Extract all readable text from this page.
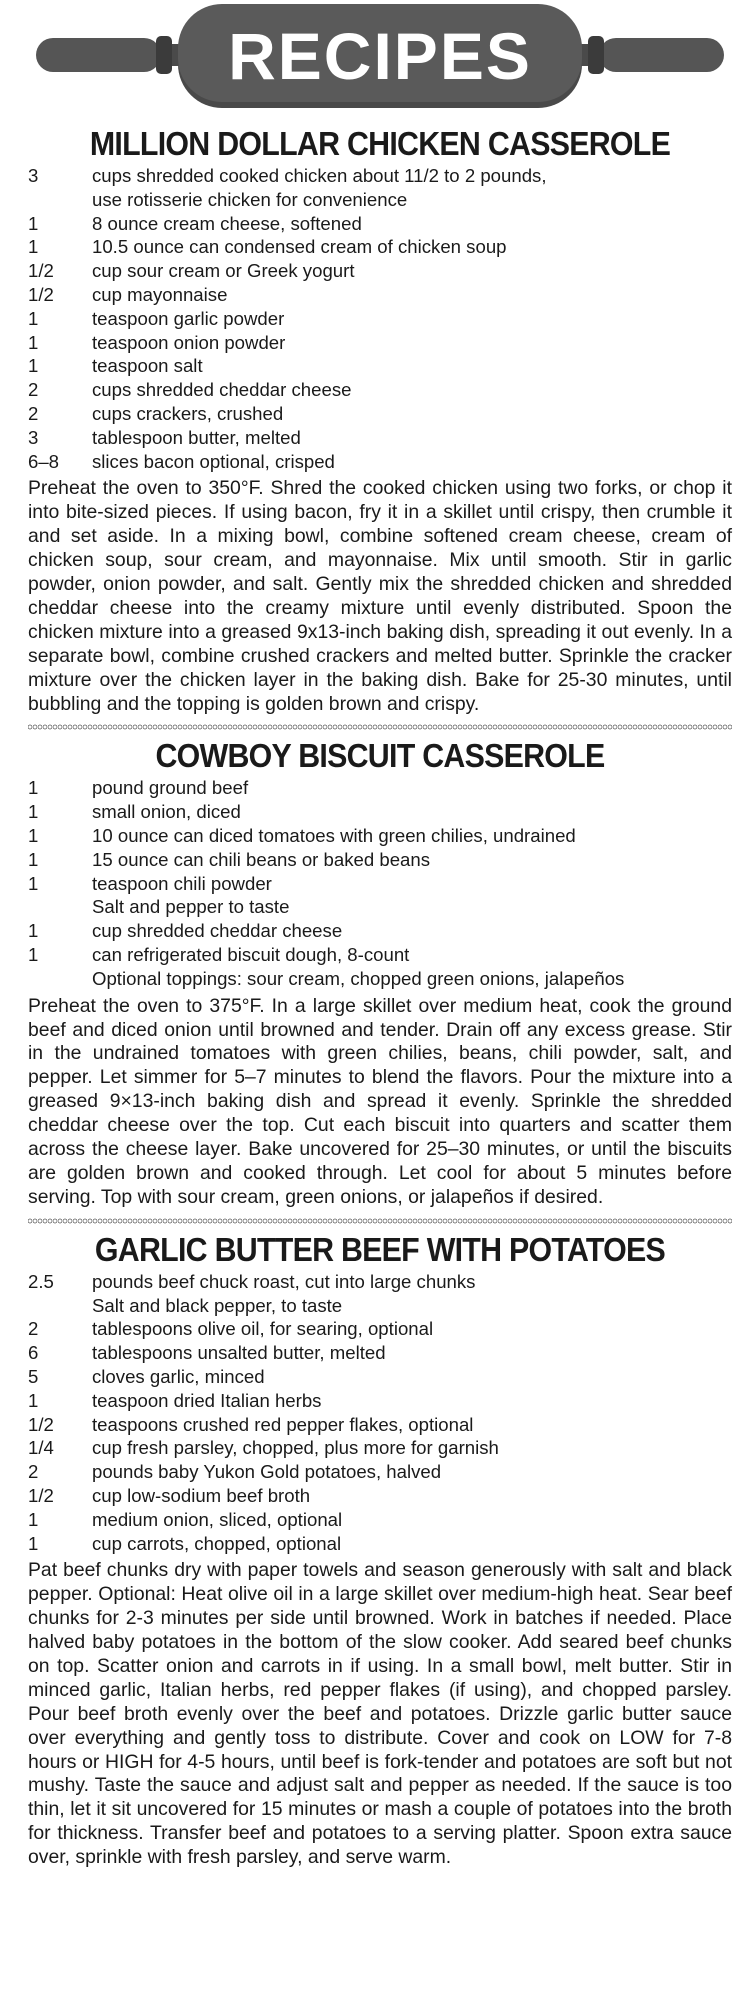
RECIPES
MILLION DOLLAR CHICKEN CASSEROLE
3	cups shredded cooked chicken about 11/2 to 2 pounds,
use rotisserie chicken for convenience
1	8 ounce cream cheese, softened
1	10.5 ounce can condensed cream of chicken soup
1/2	cup sour cream or Greek yogurt
1/2	cup mayonnaise
1	teaspoon garlic powder
1	teaspoon onion powder
1	teaspoon salt
2	cups shredded cheddar cheese
2	cups crackers, crushed
3	tablespoon butter, melted
6–8	slices bacon optional, crisped

Preheat the oven to 350°F. Shred the cooked chicken using two forks, or chop it into bite-sized pieces. If using bacon, fry it in a skillet until crispy, then crumble it and set aside. In a mixing bowl, combine softened cream cheese, cream of chicken soup, sour cream, and mayonnaise. Mix until smooth. Stir in garlic powder, onion powder, and salt. Gently mix the shredded chicken and shredded cheddar cheese into the creamy mixture until evenly distributed. Spoon the chicken mixture into a greased 9x13-inch baking dish, spreading it out evenly. In a separate bowl, combine crushed crackers and melted butter. Sprinkle the cracker mixture over the chicken layer in the baking dish. Bake for 25-30 minutes, until bubbling and the topping is golden brown and crispy.

COWBOY BISCUIT CASSEROLE
1	pound ground beef
1	small onion, diced
1	10 ounce can diced tomatoes with green chilies, undrained
1	15 ounce can chili beans or baked beans
1	teaspoon chili powder
Salt and pepper to taste
1	cup shredded cheddar cheese
1	can refrigerated biscuit dough, 8-count
Optional toppings: sour cream, chopped green onions, jalapeños

Preheat the oven to 375°F. In a large skillet over medium heat, cook the ground beef and diced onion until browned and tender. Drain off any excess grease. Stir in the undrained tomatoes with green chilies, beans, chili powder, salt, and pepper. Let simmer for 5–7 minutes to blend the flavors. Pour the mixture into a greased 9×13-inch baking dish and spread it evenly. Sprinkle the shredded cheddar cheese over the top. Cut each biscuit into quarters and scatter them across the cheese layer. Bake uncovered for 25–30 minutes, or until the biscuits are golden brown and cooked through. Let cool for about 5 minutes before serving. Top with sour cream, green onions, or jalapeños if desired.

GARLIC BUTTER BEEF WITH POTATOES
2.5	pounds beef chuck roast, cut into large chunks
Salt and black pepper, to taste
2	tablespoons olive oil, for searing, optional
6	tablespoons unsalted butter, melted
5	cloves garlic, minced
1	teaspoon dried Italian herbs
1/2	teaspoons crushed red pepper flakes, optional
1/4	cup fresh parsley, chopped, plus more for garnish
2	pounds baby Yukon Gold potatoes, halved
1/2	cup low-sodium beef broth
1	medium onion, sliced, optional
1	cup carrots, chopped, optional

Pat beef chunks dry with paper towels and season generously with salt and black pepper. Optional: Heat olive oil in a large skillet over medium-high heat. Sear beef chunks for 2-3 minutes per side until browned. Work in batches if needed. Place halved baby potatoes in the bottom of the slow cooker. Add seared beef chunks on top. Scatter onion and carrots in if using. In a small bowl, melt butter. Stir in minced garlic, Italian herbs, red pepper flakes (if using), and chopped parsley. Pour beef broth evenly over the beef and potatoes. Drizzle garlic butter sauce over everything and gently toss to distribute. Cover and cook on LOW for 7-8 hours or HIGH for 4-5 hours, until beef is fork-tender and potatoes are soft but not mushy. Taste the sauce and adjust salt and pepper as needed. If the sauce is too thin, let it sit uncovered for 15 minutes or mash a couple of potatoes into the broth for thickness. Transfer beef and potatoes to a serving platter. Spoon extra sauce over, sprinkle with fresh parsley, and serve warm.
